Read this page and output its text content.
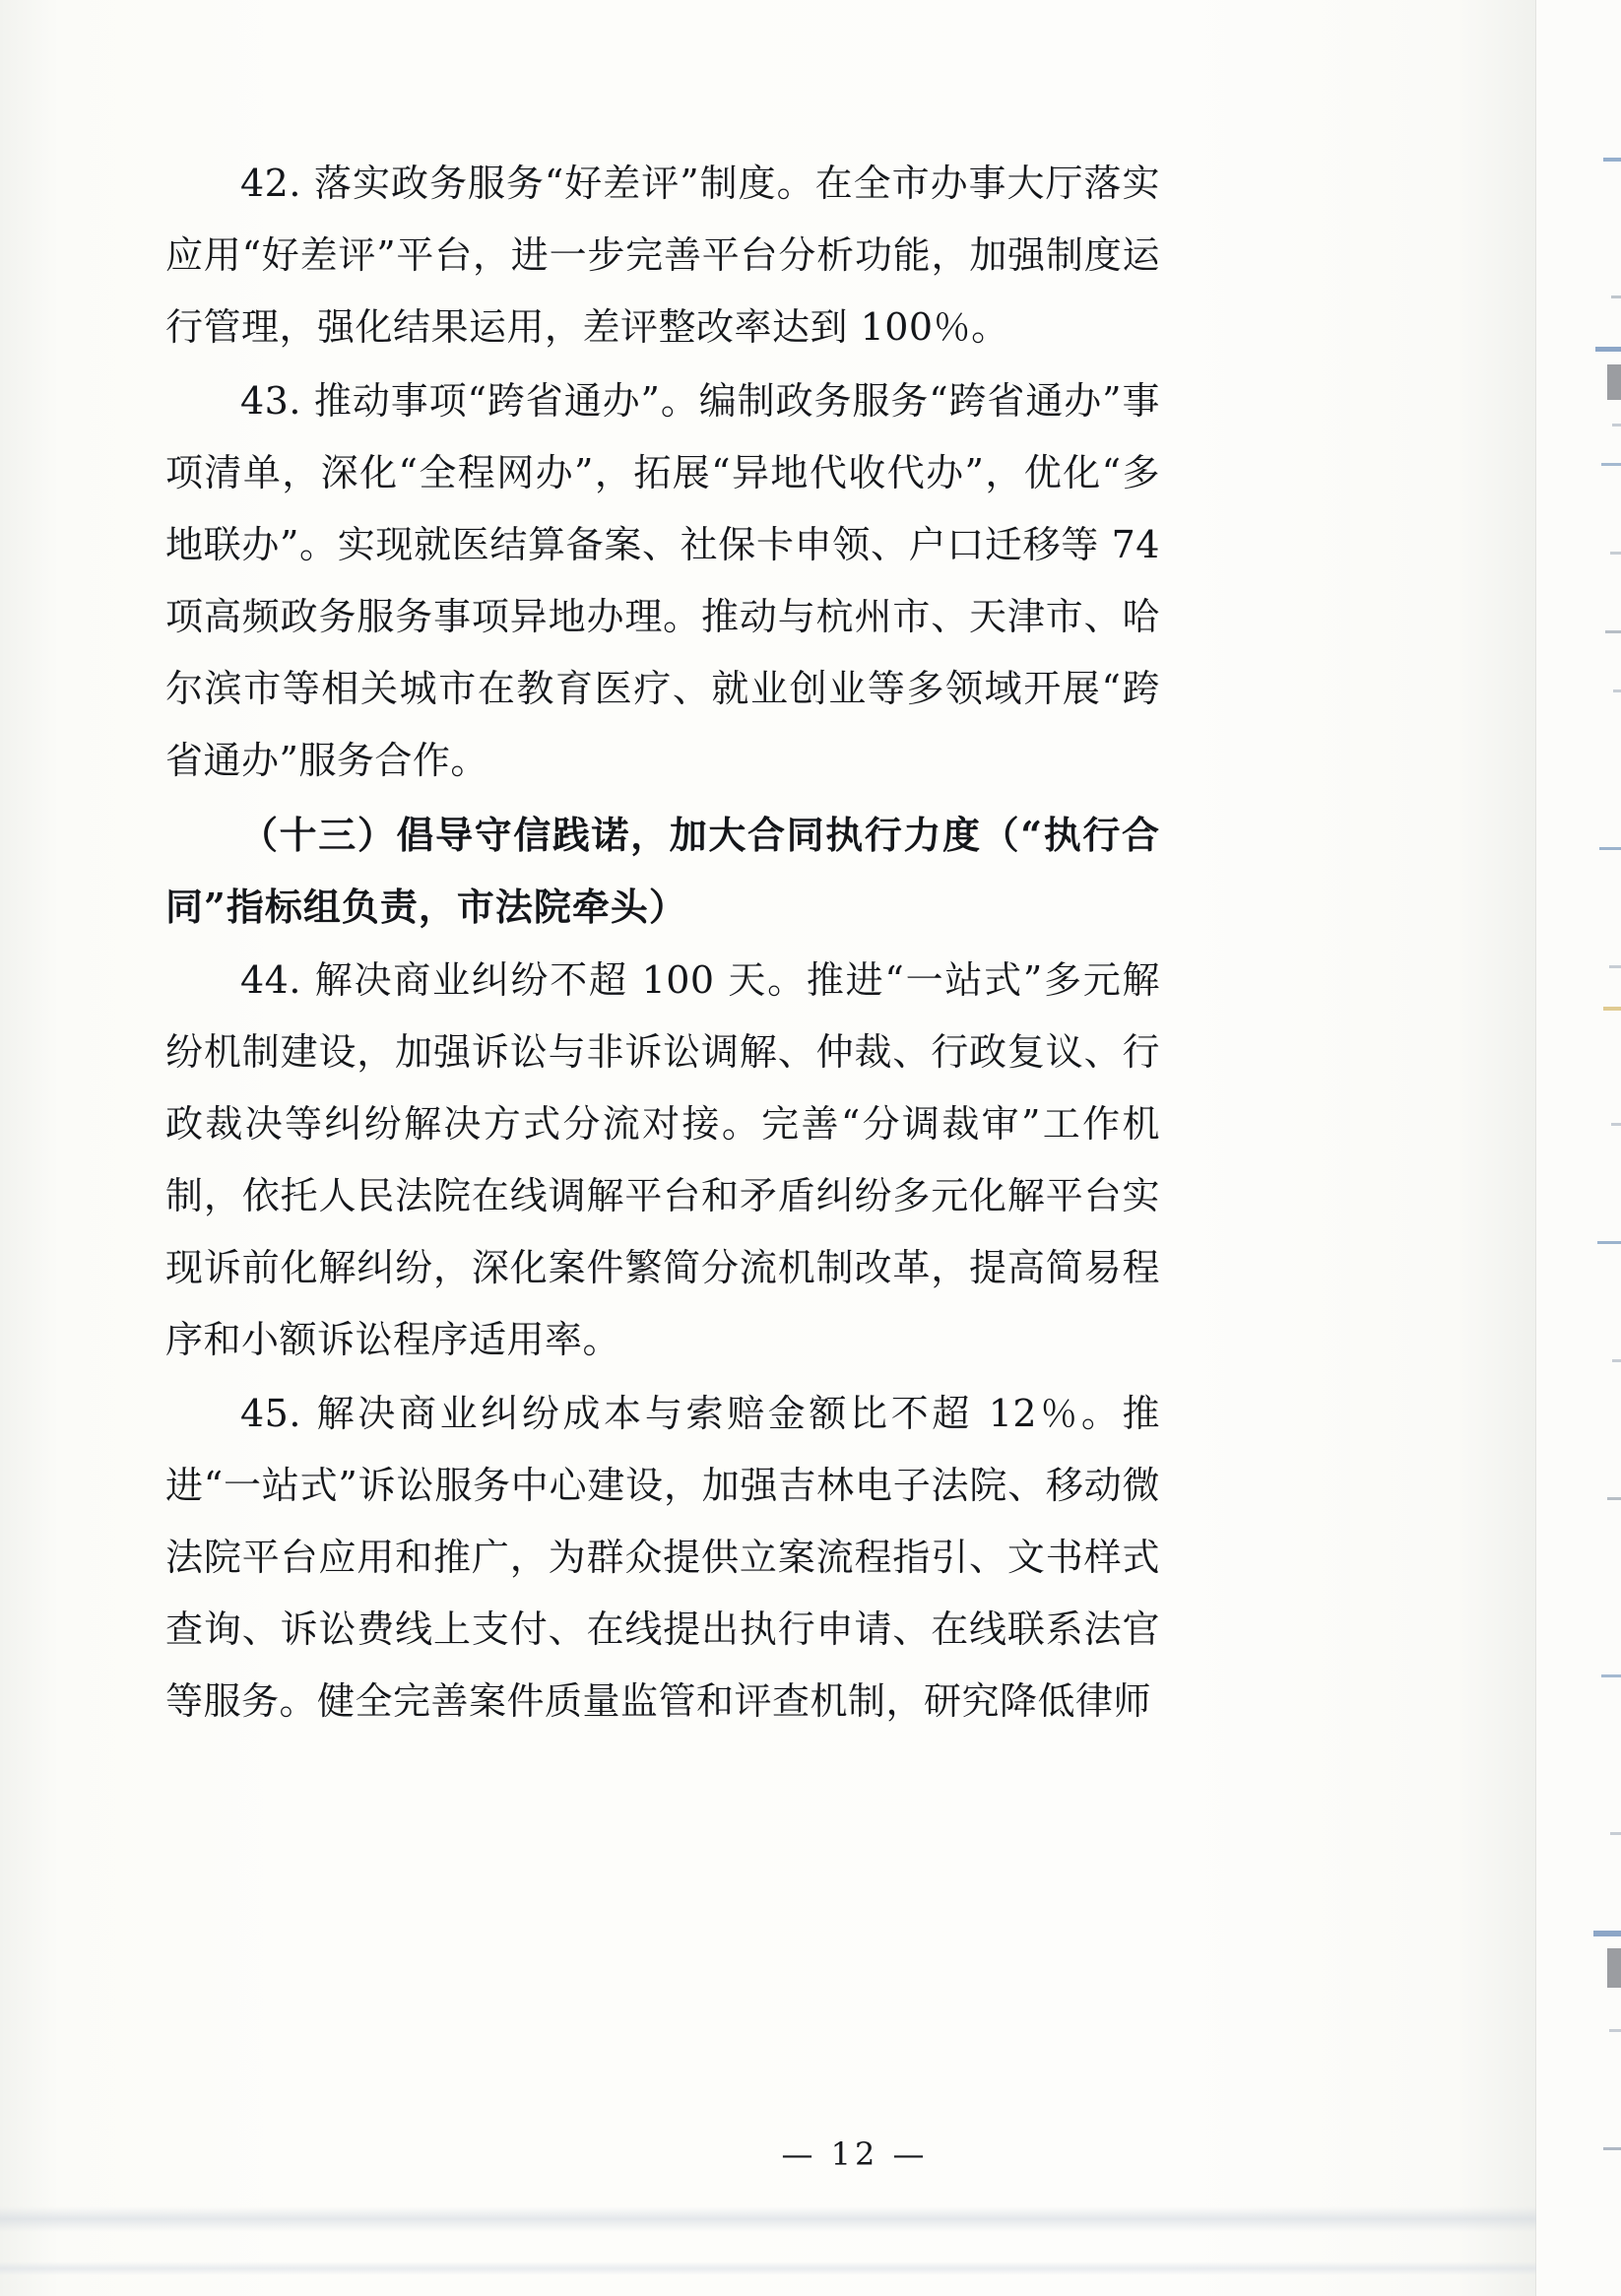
42. 落实政务服务“好差评”制度。在全市办事大厅落实应用“好差评”平台，进一步完善平台分析功能，加强制度运行管理，强化结果运用，差评整改率达到 100％。

43. 推动事项“跨省通办”。编制政务服务“跨省通办”事项清单，深化“全程网办”，拓展“异地代收代办”，优化“多地联办”。实现就医结算备案、社保卡申领、户口迁移等 74 项高频政务服务事项异地办理。推动与杭州市、天津市、哈尔滨市等相关城市在教育医疗、就业创业等多领域开展“跨省通办”服务合作。

（十三）倡导守信践诺，加大合同执行力度（“执行合同”指标组负责，市法院牵头）

44. 解决商业纠纷不超 100 天。推进“一站式”多元解纷机制建设，加强诉讼与非诉讼调解、仲裁、行政复议、行政裁决等纠纷解决方式分流对接。完善“分调裁审”工作机制，依托人民法院在线调解平台和矛盾纠纷多元化解平台实现诉前化解纠纷，深化案件繁简分流机制改革，提高简易程序和小额诉讼程序适用率。

45. 解决商业纠纷成本与索赔金额比不超 12％。推进“一站式”诉讼服务中心建设，加强吉林电子法院、移动微法院平台应用和推广，为群众提供立案流程指引、文书样式查询、诉讼费线上支付、在线提出执行申请、在线联系法官等服务。健全完善案件质量监管和评查机制，研究降低律师

— 12 —
